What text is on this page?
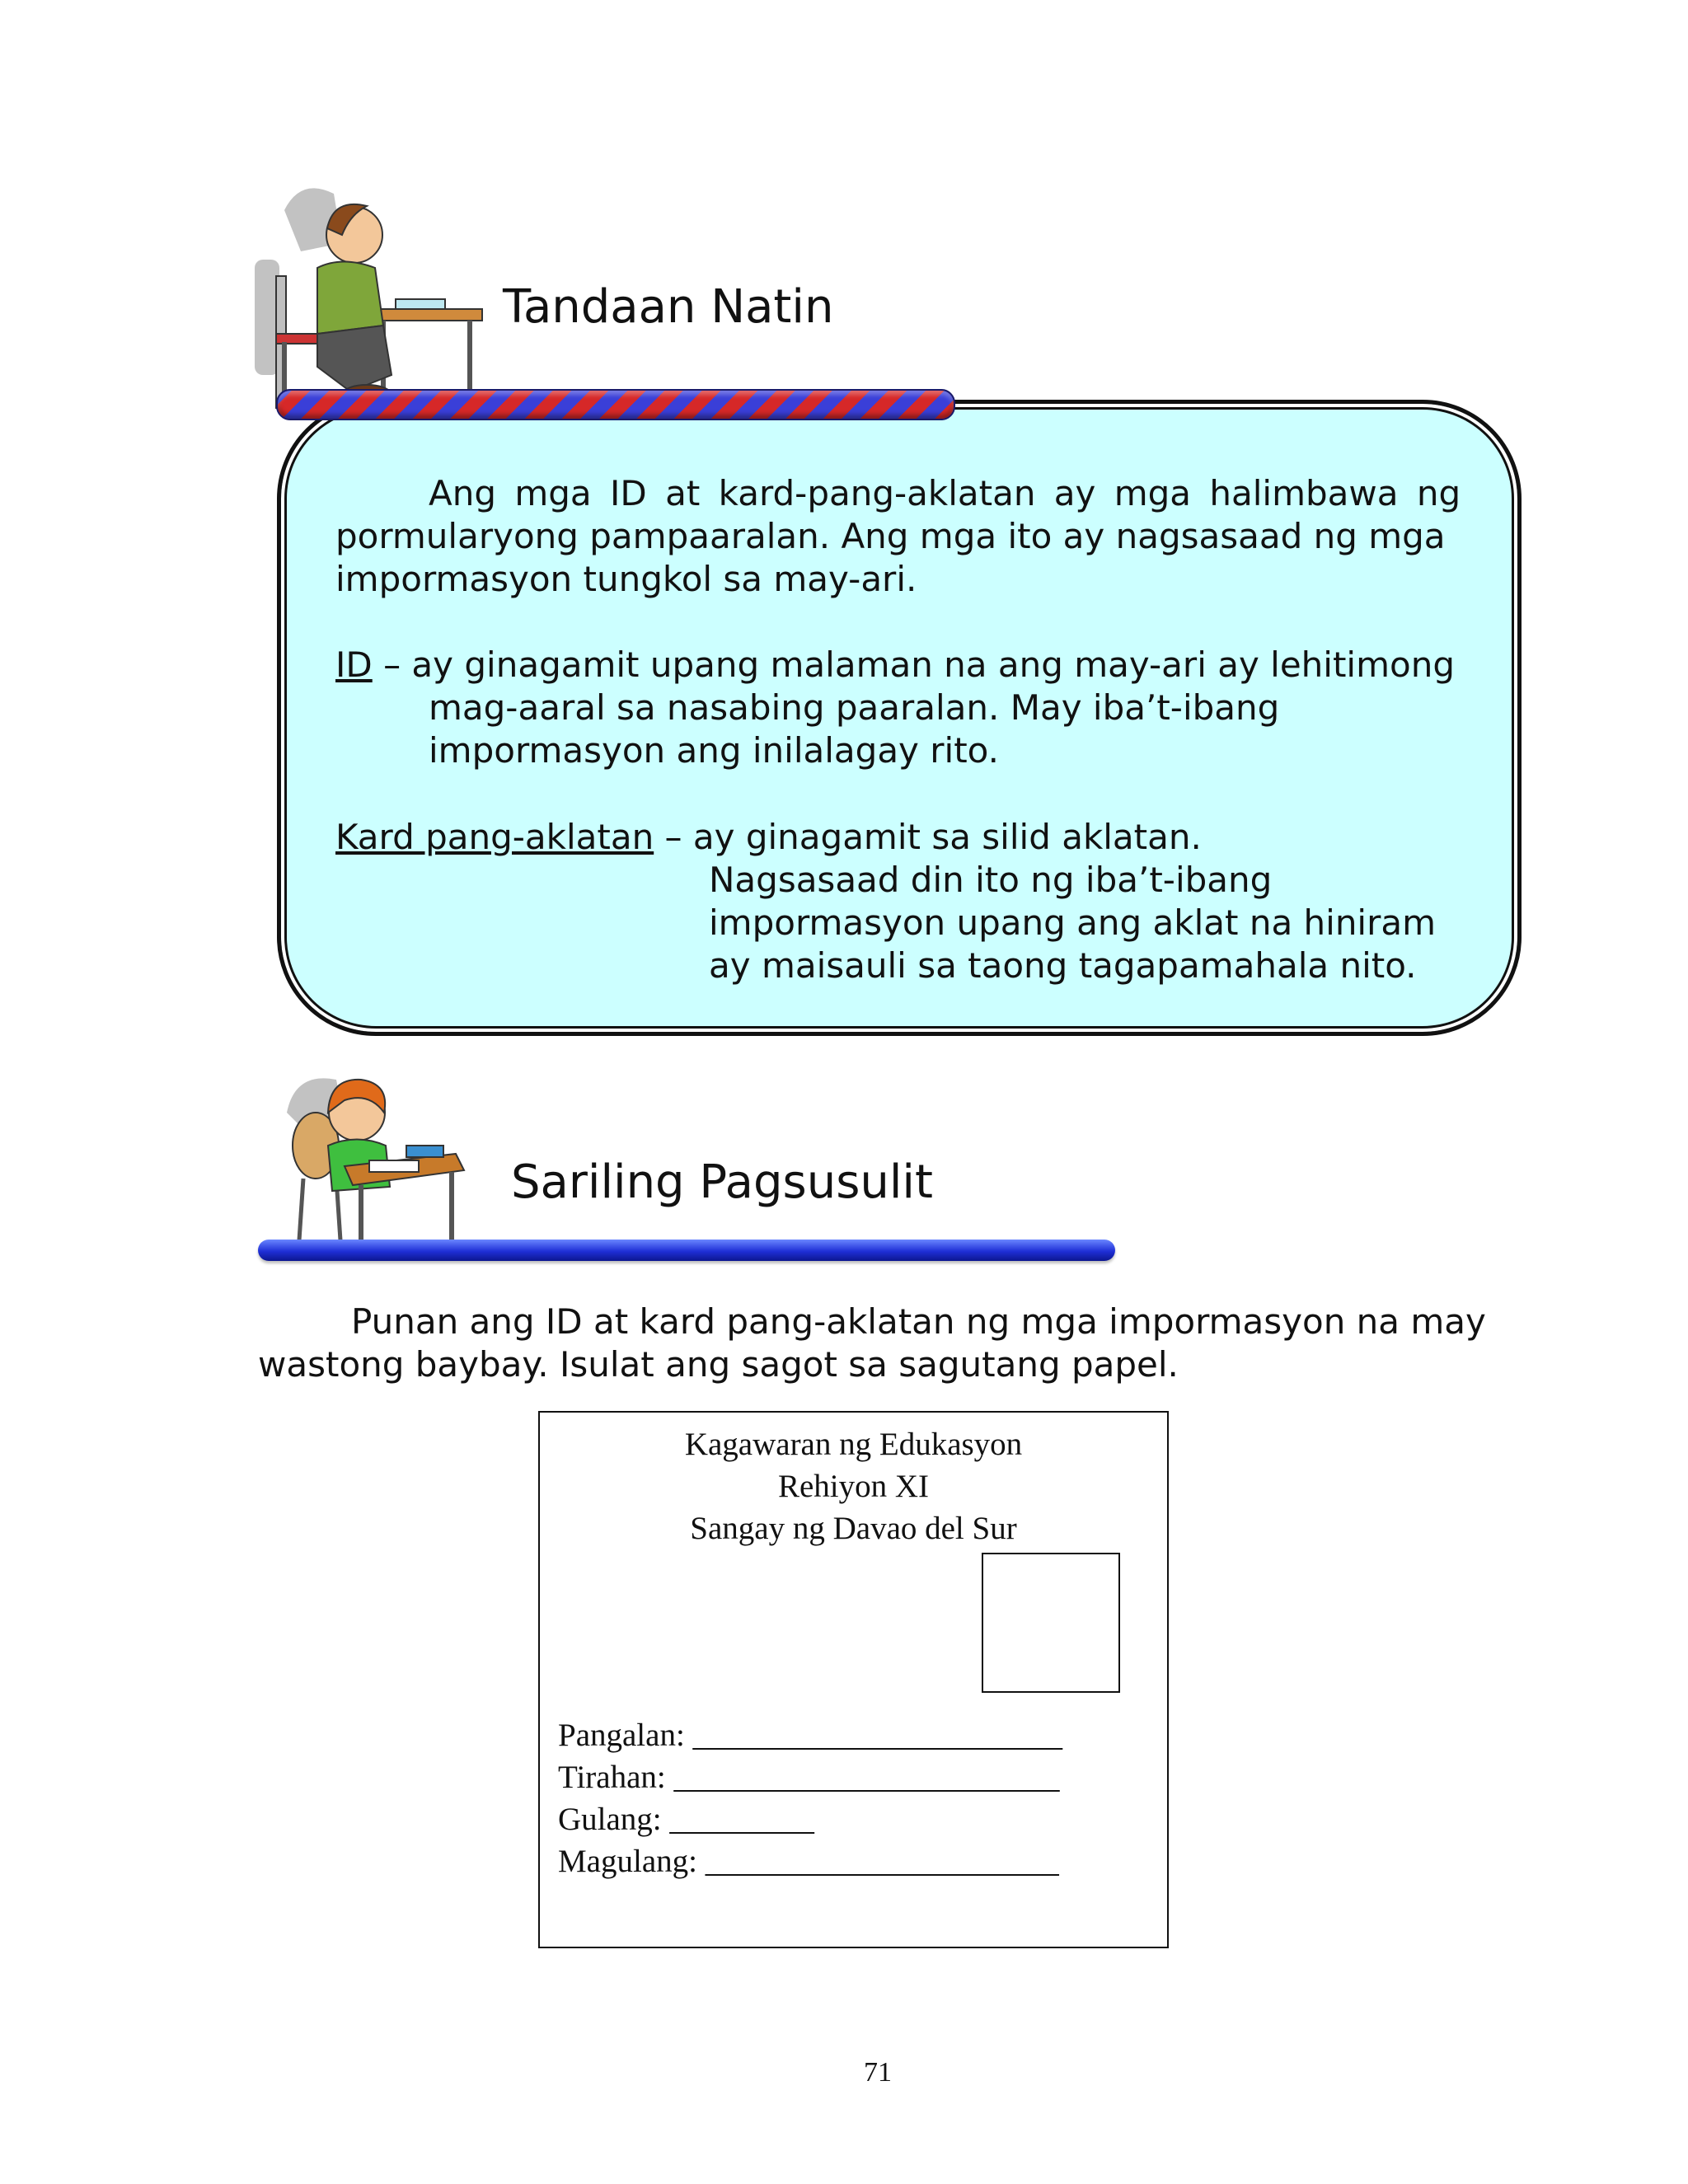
Tandaan Natin
Ang mga ID at kard-pang-aklatan ay mga halimbawa ng
pormularyong pampaaralan. Ang mga ito ay nagsasaad ng mga
impormasyon tungkol sa may-ari.
ID – ay ginagamit upang malaman na ang may-ari ay lehitimong
mag-aaral sa nasabing paaralan. May iba’t-ibang
impormasyon ang inilalagay rito.
Kard pang-aklatan – ay ginagamit sa silid aklatan.
Nagsasaad din ito ng iba’t-ibang
impormasyon upang ang aklat na hiniram
ay maisauli sa taong tagapamahala nito.
Sariling Pagsusulit
Punan ang ID at kard pang-aklatan ng mga impormasyon na may
wastong baybay. Isulat ang sagot sa sagutang papel.
Kagawaran ng Edukasyon
Rehiyon XI
Sangay ng Davao del Sur
Pangalan: _______________________
Tirahan: ________________________
Gulang: _________
Magulang: ______________________
71
